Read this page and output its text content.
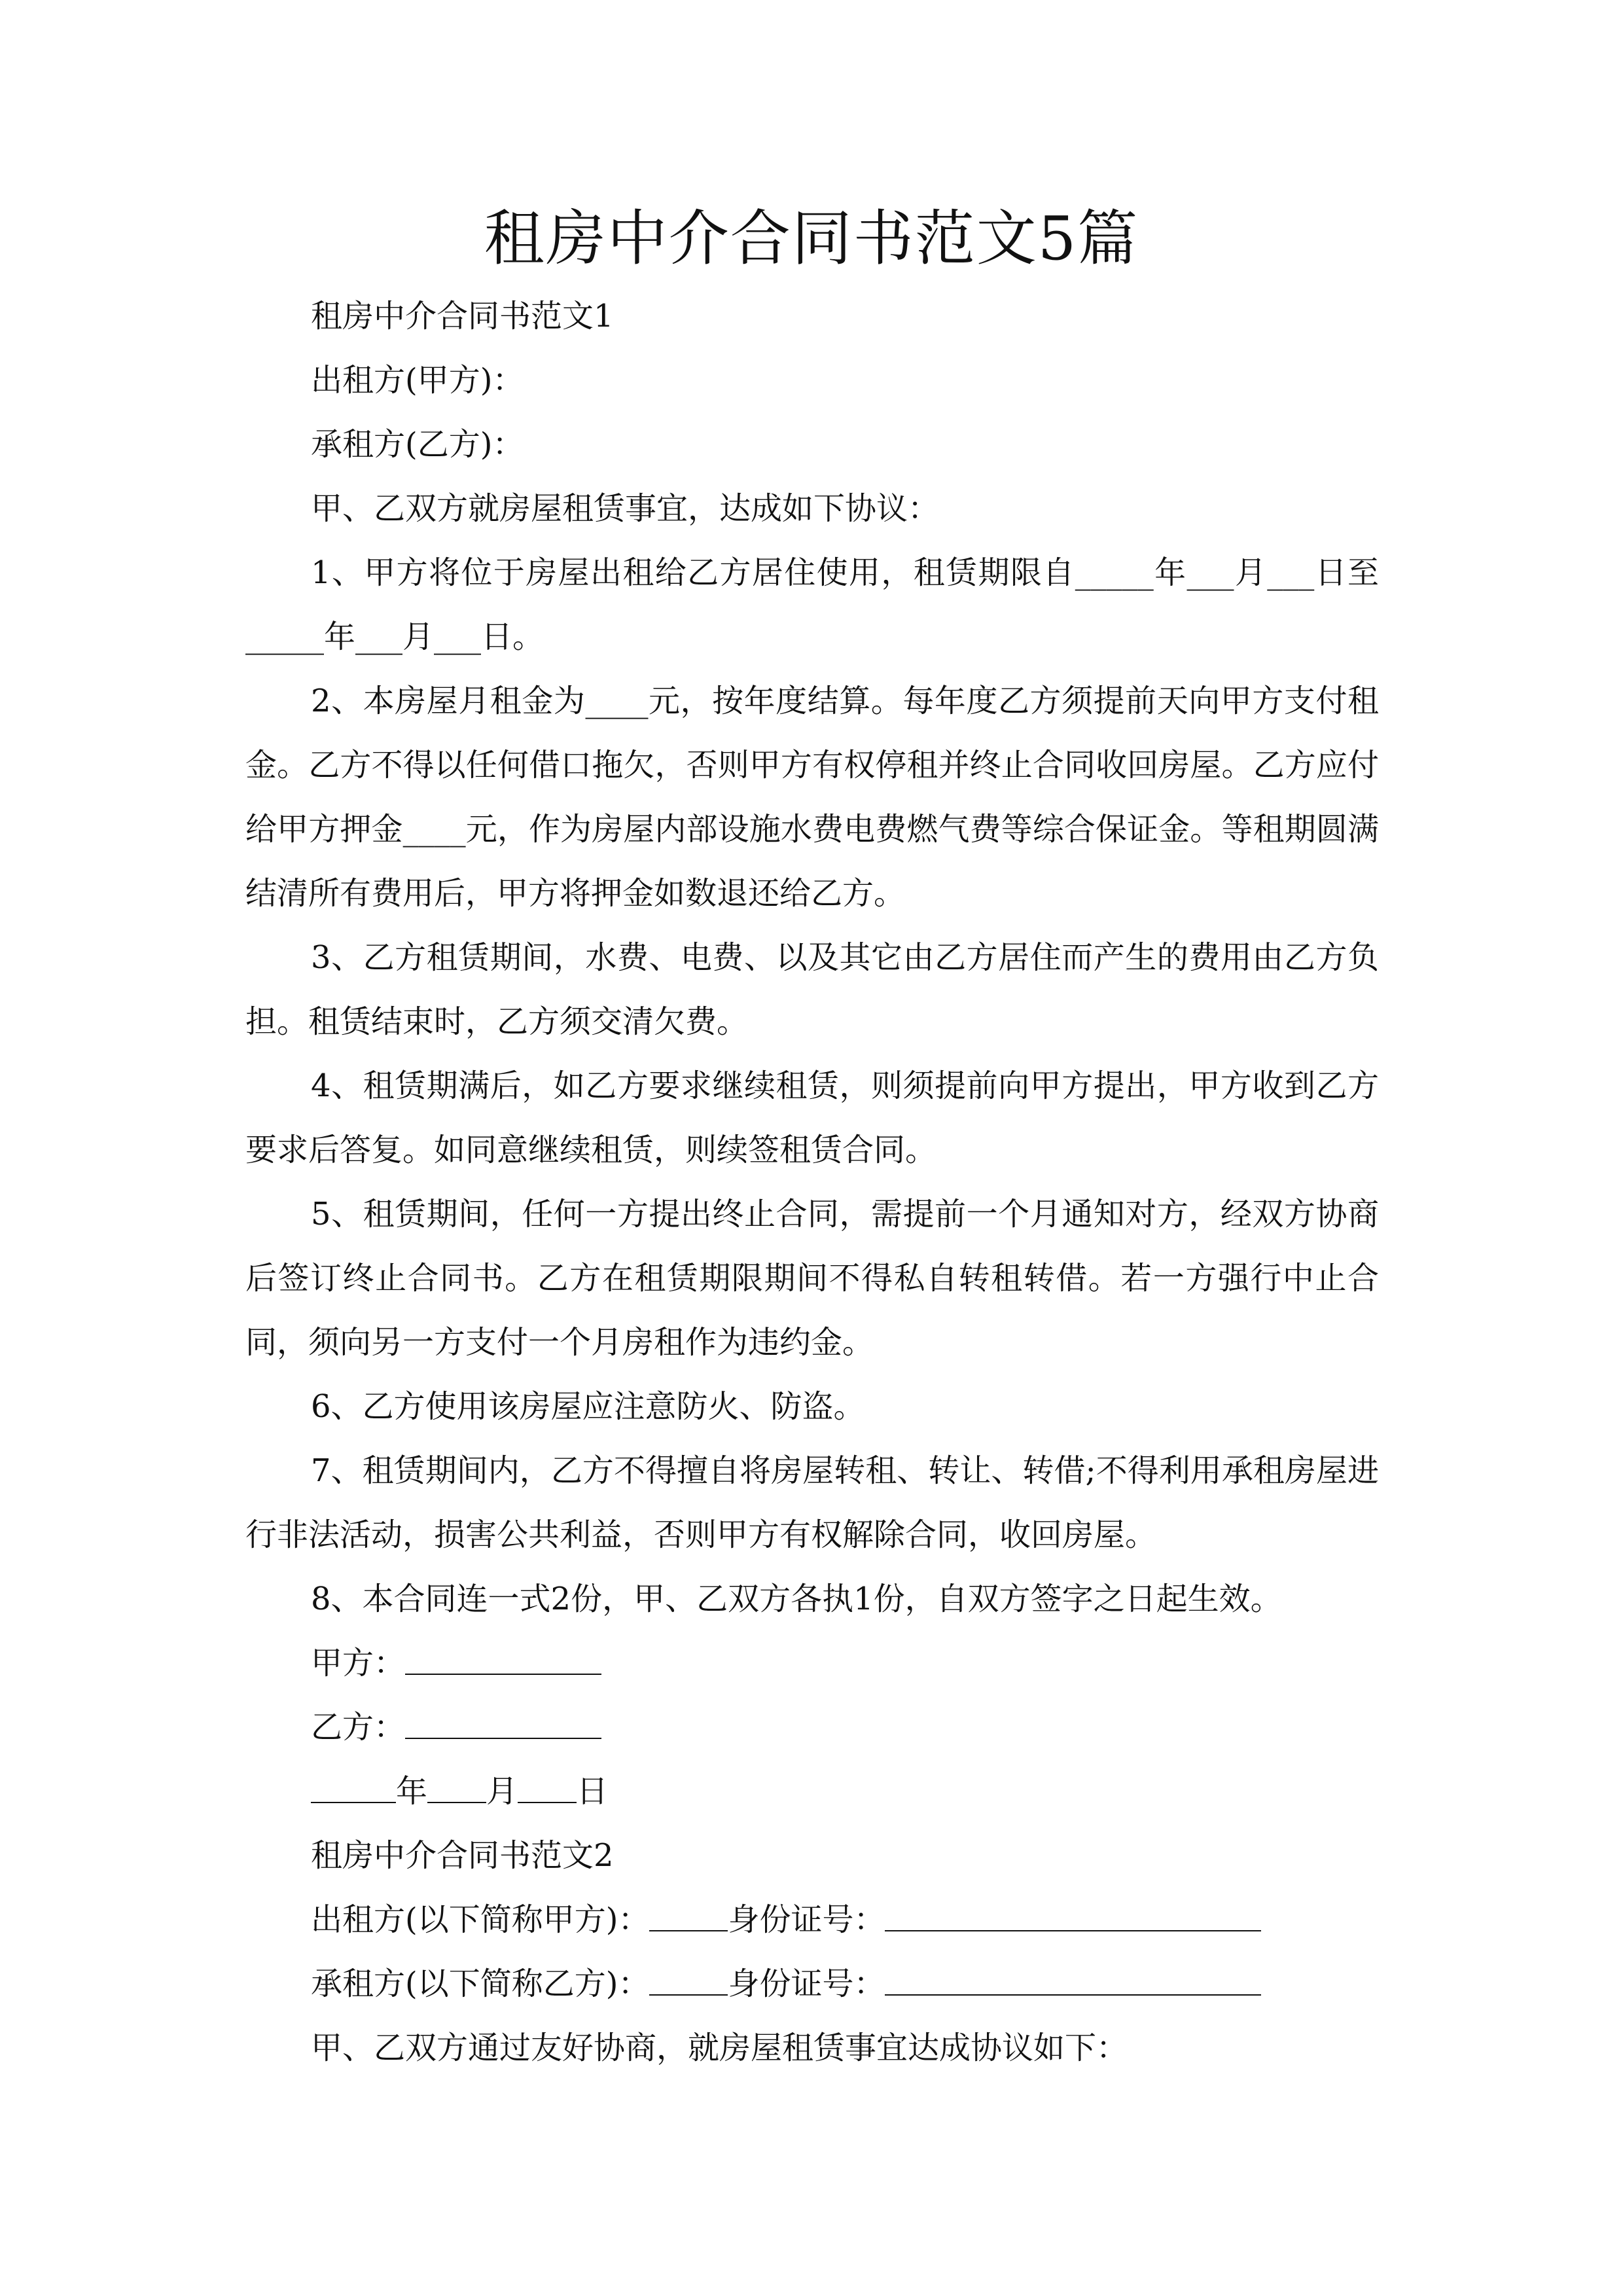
租房中介合同书范文5篇
租房中介合同书范文1
出租方(甲方)：
承租方(乙方)：
甲、乙双方就房屋租赁事宜，达成如下协议：

1、甲方将位于房屋出租给乙方居住使用，租赁期限自_____年___月___日至_____年___月___日。

2、本房屋月租金为____元，按年度结算。每年度乙方须提前天向甲方支付租金。乙方不得以任何借口拖欠，否则甲方有权停租并终止合同收回房屋。乙方应付给甲方押金____元，作为房屋内部设施水费电费燃气费等综合保证金。等租期圆满结清所有费用后，甲方将押金如数退还给乙方。

3、乙方租赁期间，水费、电费、以及其它由乙方居住而产生的费用由乙方负担。租赁结束时，乙方须交清欠费。

4、租赁期满后，如乙方要求继续租赁，则须提前向甲方提出，甲方收到乙方要求后答复。如同意继续租赁，则续签租赁合同。

5、租赁期间，任何一方提出终止合同，需提前一个月通知对方，经双方协商后签订终止合同书。乙方在租赁期限期间不得私自转租转借。若一方强行中止合同，须向另一方支付一个月房租作为违约金。

6、乙方使用该房屋应注意防火、防盗。

7、租赁期间内，乙方不得擅自将房屋转租、转让、转借;不得利用承租房屋进行非法活动，损害公共利益，否则甲方有权解除合同，收回房屋。

8、本合同连一式2份，甲、乙双方各执1份，自双方签字之日起生效。

甲方：
乙方：
年 月 日
租房中介合同书范文2
出租方(以下简称甲方)：	身份证号：
承租方(以下简称乙方)：	身份证号：
甲、乙双方通过友好协商，就房屋租赁事宜达成协议如下：
